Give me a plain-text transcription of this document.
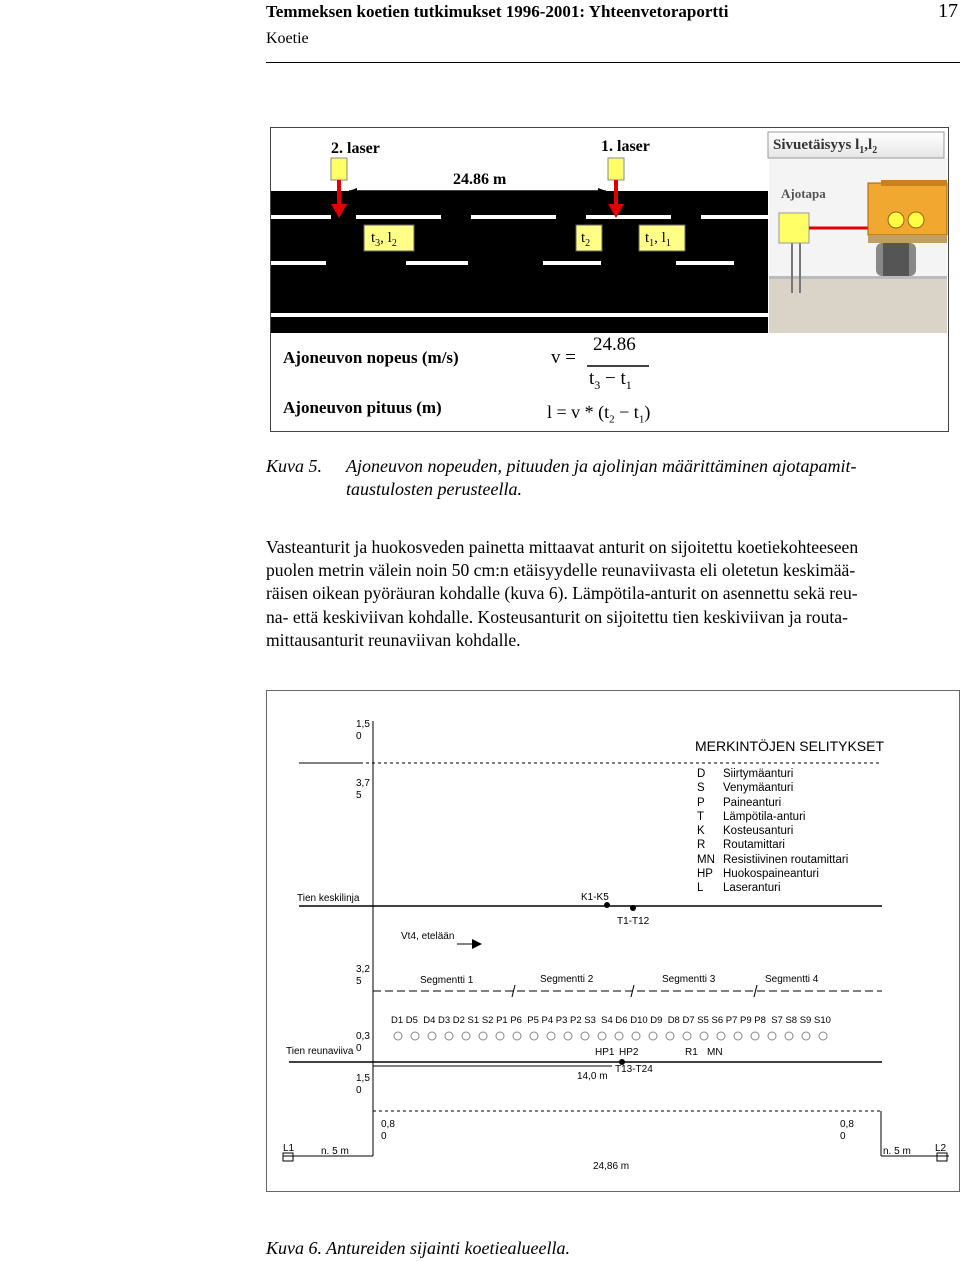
Temmeksen koetien tutkimukset 1996-2001: Yhteenvetoraportti	17
Koetie
2. laser	1. laser
24.86 m
Sivuetäisyys $l_1,l_2$
Ajotapa
$t_3$, $l_2$	$t_2$	$t_1$, $l_1$
Ajoneuvon nopeus (m/s)
Ajoneuvon pituus (m)
v =
24.86
$t_3 - t_1$
$l = v * (t_2 - t_1)$
Kuva 5. Ajoneuvon nopeuden, pituuden ja ajolinjan määrittäminen ajotapamit-
taustulosten perusteella.
Vasteanturit ja huokosveden painetta mittaavat anturit on sijoitettu koetiekohteeseen
puolen metrin välein noin 50 cm:n etäisyydelle reunaviivasta eli oletetun keskimää-
räisen oikean pyöräuran kohdalle (kuva 6). Lämpötila-anturit on asennettu sekä reu-
na- että keskiviivan kohdalle. Kosteusanturit on sijoitettu tien keskiviivan ja routa-
mittausanturit reunaviivan kohdalle.
1,5
0
3,7
5
3,2
5
0,3
0
1,5
0
0,8
0
0,8
0
Tien keskilinja
Tien reunaviiva
K1-K5
T1-T12
Vt4, etelään
Segmentti 1	Segmentti 2	Segmentti 3	Segmentti 4
D1 D5  D4 D3 D2 S1 S2 P1 P6  P5 P4 P3 P2 S3  S4 D6 D10 D9  D8 D7 S5 S6 P7 P9 P8  S7 S8 S9 S10
HP1 HP2	R1 MN
T13-T24
14,0 m
24,86 m
L1	L2
n. 5 m	n. 5 m
MERKINTÖJEN SELITYKSET
D Siirtymäanturi
S Venymäanturi
P Paineanturi
T Lämpötila-anturi
K Kosteusanturi
R Routamittari
MN Resistiivinen routamittari
HP Huokospaineanturi
L Laseranturi
Kuva 6. Antureiden sijainti koetiealueella.
